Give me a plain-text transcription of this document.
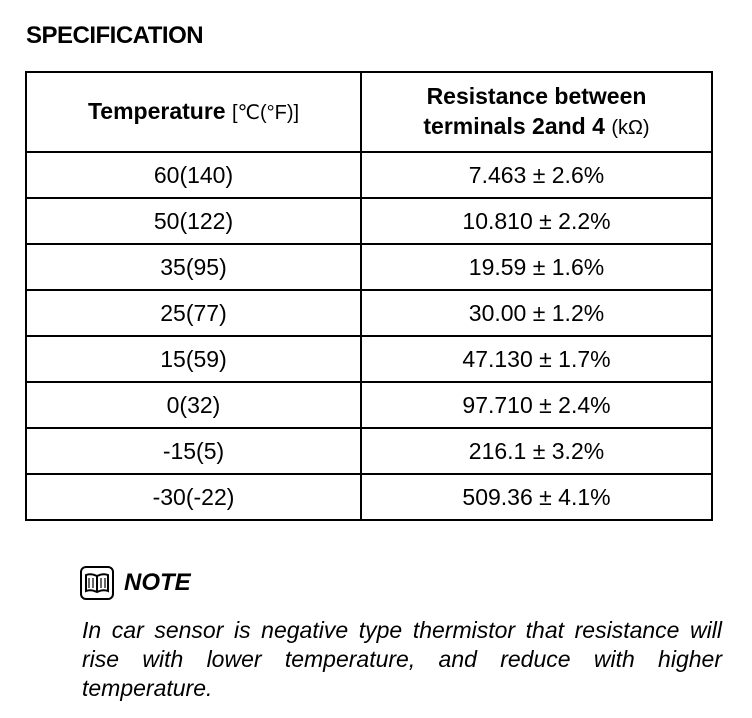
SPECIFICATION
Temperature [℃(°F)]	Resistance between
terminals 2and 4 (kΩ)
60(140)	7.463 ± 2.6%
50(122)	10.810 ± 2.2%
35(95)	19.59 ± 1.6%
25(77)	30.00 ± 1.2%
15(59)	47.130 ± 1.7%
0(32)	97.710 ± 2.4%
-15(5)	216.1 ± 3.2%
-30(-22)	509.36 ± 4.1%
NOTE
In car sensor is negative type thermistor that resistance will rise with lower temperature, and reduce with higher temperature.
